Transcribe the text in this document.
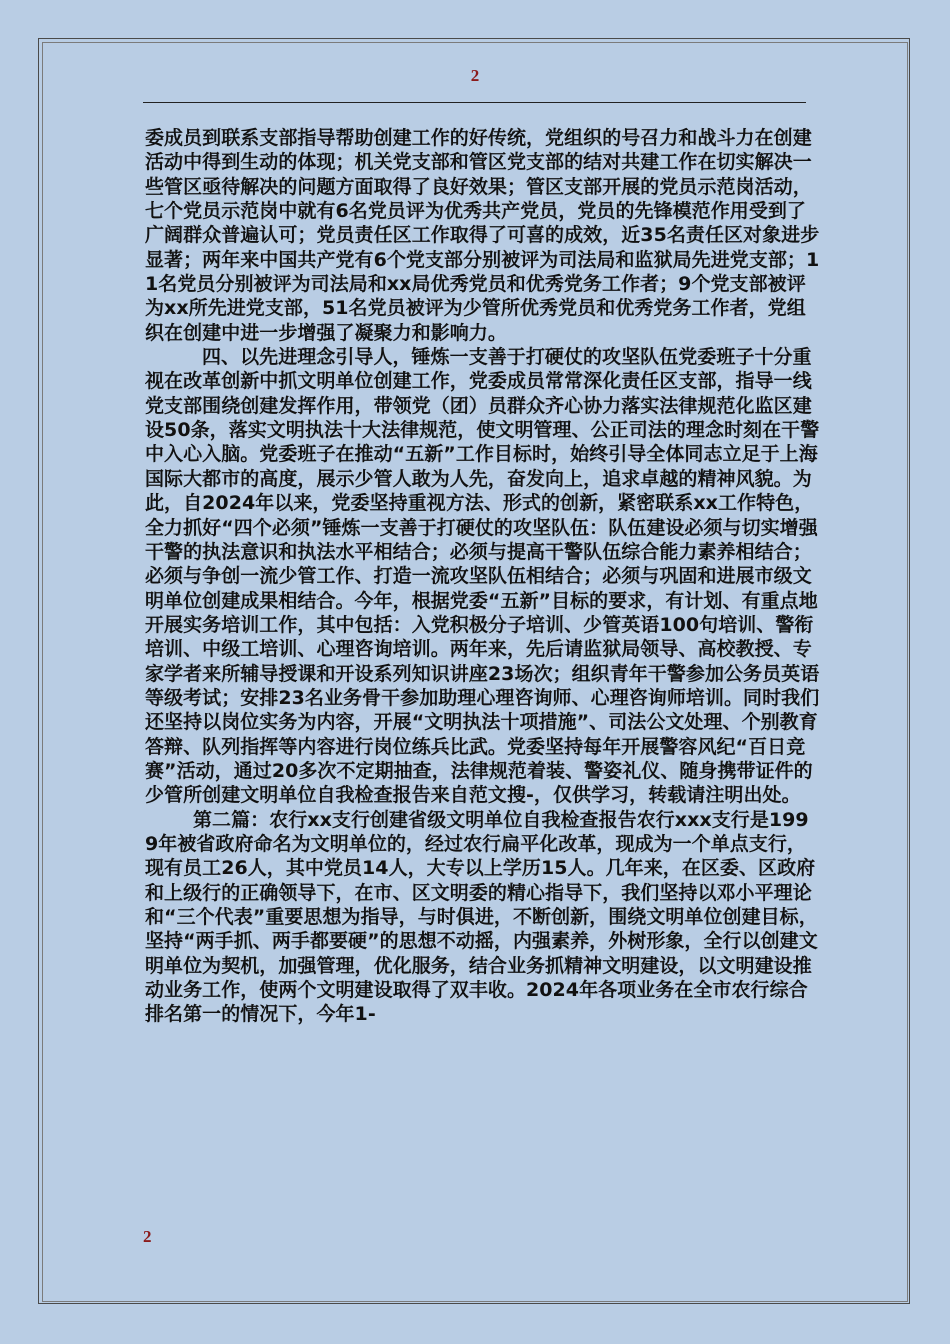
2

委成员到联系支部指导帮助创建工作的好传统，党组织的号召力和战斗力在创建活动中得到生动的体现；机关党支部和管区党支部的结对共建工作在切实解决一些管区亟待解决的问题方面取得了良好效果；管区支部开展的党员示范岗活动，七个党员示范岗中就有6名党员评为优秀共产党员，党员的先锋模范作用受到了广阔群众普遍认可；党员责任区工作取得了可喜的成效，近35名责任区对象进步显著；两年来中国共产党有6个党支部分别被评为司法局和监狱局先进党支部；11名党员分别被评为司法局和xx局优秀党员和优秀党务工作者；9个党支部被评为xx所先进党支部，51名党员被评为少管所优秀党员和优秀党务工作者，党组织在创建中进一步增强了凝聚力和影响力。

四、以先进理念引导人，锤炼一支善于打硬仗的攻坚队伍党委班子十分重视在改革创新中抓文明单位创建工作，党委成员常常深化责任区支部，指导一线党支部围绕创建发挥作用，带领党（团）员群众齐心协力落实法律规范化监区建设50条，落实文明执法十大法律规范，使文明管理、公正司法的理念时刻在干警中入心入脑。党委班子在推动“五新”工作目标时，始终引导全体同志立足于上海国际大都市的高度，展示少管人敢为人先，奋发向上，追求卓越的精神风貌。为此，自2024年以来，党委坚持重视方法、形式的创新，紧密联系xx工作特色，全力抓好“四个必须”锤炼一支善于打硬仗的攻坚队伍：队伍建设必须与切实增强干警的执法意识和执法水平相结合；必须与提高干警队伍综合能力素养相结合；必须与争创一流少管工作、打造一流攻坚队伍相结合；必须与巩固和进展市级文明单位创建成果相结合。今年，根据党委“五新”目标的要求，有计划、有重点地开展实务培训工作，其中包括：入党积极分子培训、少管英语100句培训、警衔培训、中级工培训、心理咨询培训。两年来，先后请监狱局领导、高校教授、专家学者来所辅导授课和开设系列知识讲座23场次；组织青年干警参加公务员英语等级考试；安排23名业务骨干参加助理心理咨询师、心理咨询师培训。同时我们还坚持以岗位实务为内容，开展“文明执法十项措施”、司法公文处理、个别教育答辩、队列指挥等内容进行岗位练兵比武。党委坚持每年开展警容风纪“百日竞赛”活动，通过20多次不定期抽查，法律规范着装、警姿礼仪、随身携带证件的少管所创建文明单位自我检查报告来自范文搜-，仅供学习，转载请注明出处。

第二篇：农行xx支行创建省级文明单位自我检查报告农行xxx支行是1999年被省政府命名为文明单位的，经过农行扁平化改革，现成为一个单点支行，现有员工26人，其中党员14人，大专以上学历15人。几年来，在区委、区政府和上级行的正确领导下，在市、区文明委的精心指导下，我们坚持以邓小平理论和“三个代表”重要思想为指导，与时俱进，不断创新，围绕文明单位创建目标，坚持“两手抓、两手都要硬”的思想不动摇，内强素养，外树形象，全行以创建文明单位为契机，加强管理，优化服务，结合业务抓精神文明建设，以文明建设推动业务工作，使两个文明建设取得了双丰收。2024年各项业务在全市农行综合排名第一的情况下，今年1-

2
